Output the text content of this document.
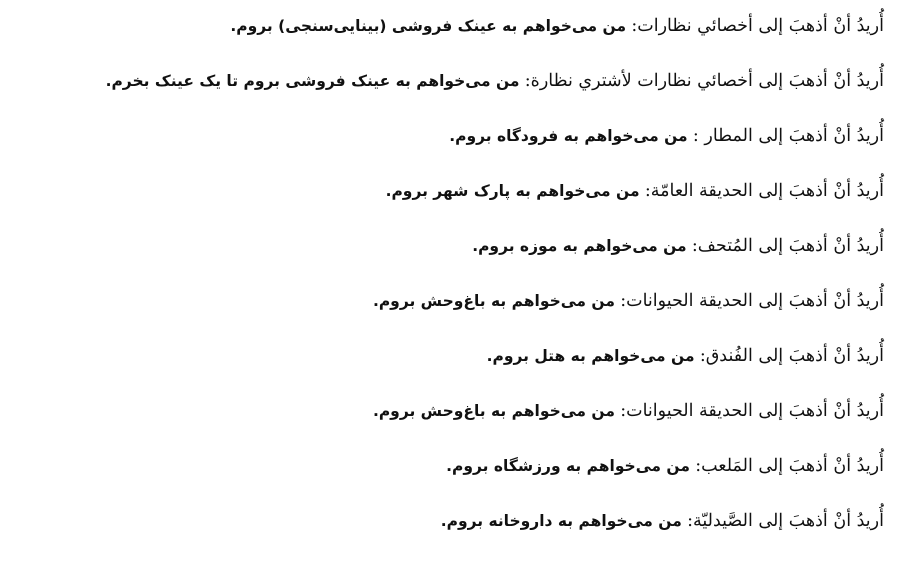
أُريدُ أنْ أذهبَ إلى أخصائي نظارات: من می‌خواهم به عینک فروشی (بینایی‌سنجی) بروم.
أُريدُ أنْ أذهبَ إلى أخصائي نظارات لأشتري نظارة: من می‌خواهم به عینک فروشی بروم تا یک عینک بخرم.
أُريدُ أنْ أذهبَ إلى المطار : من می‌خواهم به فرودگاه بروم.
أُريدُ أنْ أذهبَ إلى الحديقة العامّة: من می‌خواهم به پارک شهر بروم.
أُريدُ أنْ أذهبَ إلى المُتحف: من می‌خواهم به موزه بروم.
أُريدُ أنْ أذهبَ إلى الحديقة الحيوانات: من می‌خواهم به باغ‌وحش بروم.
أُريدُ أنْ أذهبَ إلى الفُندق: من می‌خواهم به هتل بروم.
أُريدُ أنْ أذهبَ إلى الحديقة الحيوانات: من می‌خواهم به باغ‌وحش بروم.
أُريدُ أنْ أذهبَ إلى المَلعب: من می‌خواهم به ورزشگاه بروم.
أُريدُ أنْ أذهبَ إلى الصَّيدليّة: من می‌خواهم به داروخانه بروم.
